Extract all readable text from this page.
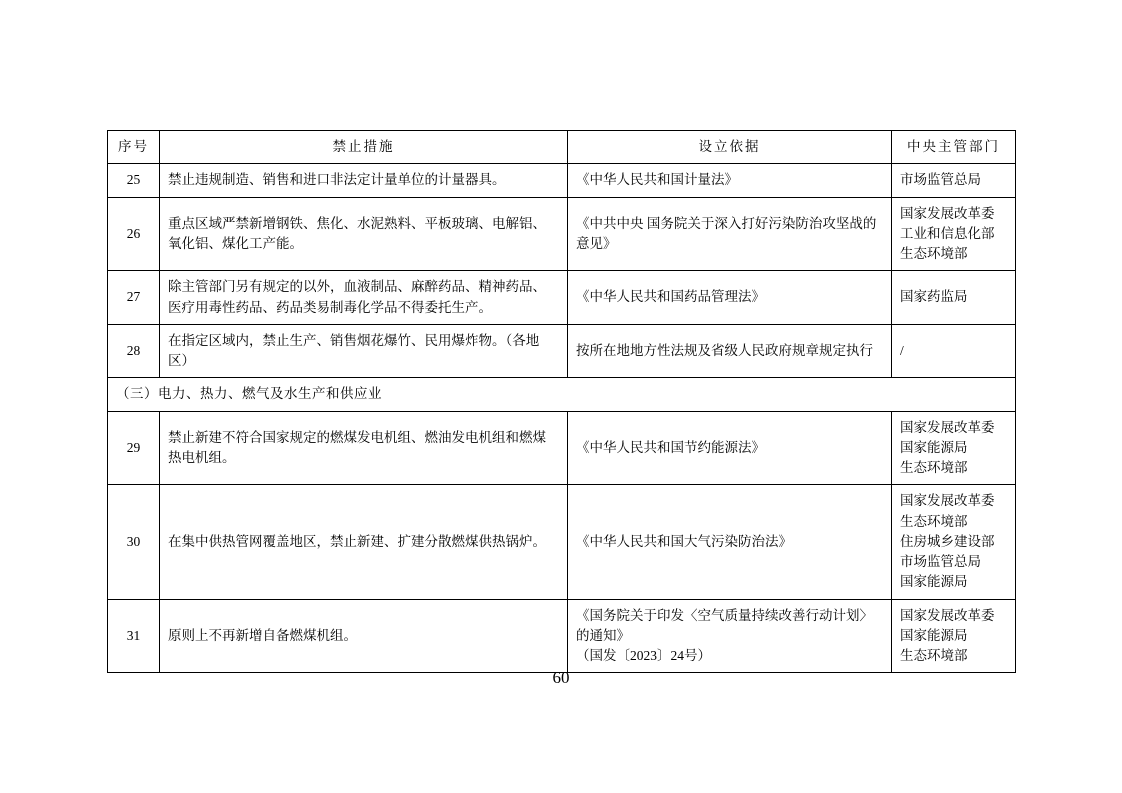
序号	禁止措施	设立依据	中央主管部门
25	禁止违规制造、销售和进口非法定计量单位的计量器具。	《中华人民共和国计量法》	市场监管总局

26	重点区域严禁新增钢铁、焦化、水泥熟料、平板玻璃、电解铝、氧化铝、煤化工产能。	《中共中央 国务院关于深入打好污染防治攻坚战的意见》	国家发展改革委
工业和信息化部
生态环境部

27	除主管部门另有规定的以外，血液制品、麻醉药品、精神药品、医疗用毒性药品、药品类易制毒化学品不得委托生产。	《中华人民共和国药品管理法》	国家药监局

28	在指定区域内，禁止生产、销售烟花爆竹、民用爆炸物。（各地区）	按所在地地方性法规及省级人民政府规章规定执行	/

（三）电力、热力、燃气及水生产和供应业			
29	禁止新建不符合国家规定的燃煤发电机组、燃油发电机组和燃煤热电机组。	《中华人民共和国节约能源法》	国家发展改革委
国家能源局
生态环境部

30	在集中供热管网覆盖地区，禁止新建、扩建分散燃煤供热锅炉。	《中华人民共和国大气污染防治法》	国家发展改革委
生态环境部
住房城乡建设部
市场监管总局
国家能源局

31	原则上不再新增自备燃煤机组。	《国务院关于印发〈空气质量持续改善行动计划〉的通知》
（国发〔2023〕24号）	国家发展改革委
国家能源局
生态环境部
60
